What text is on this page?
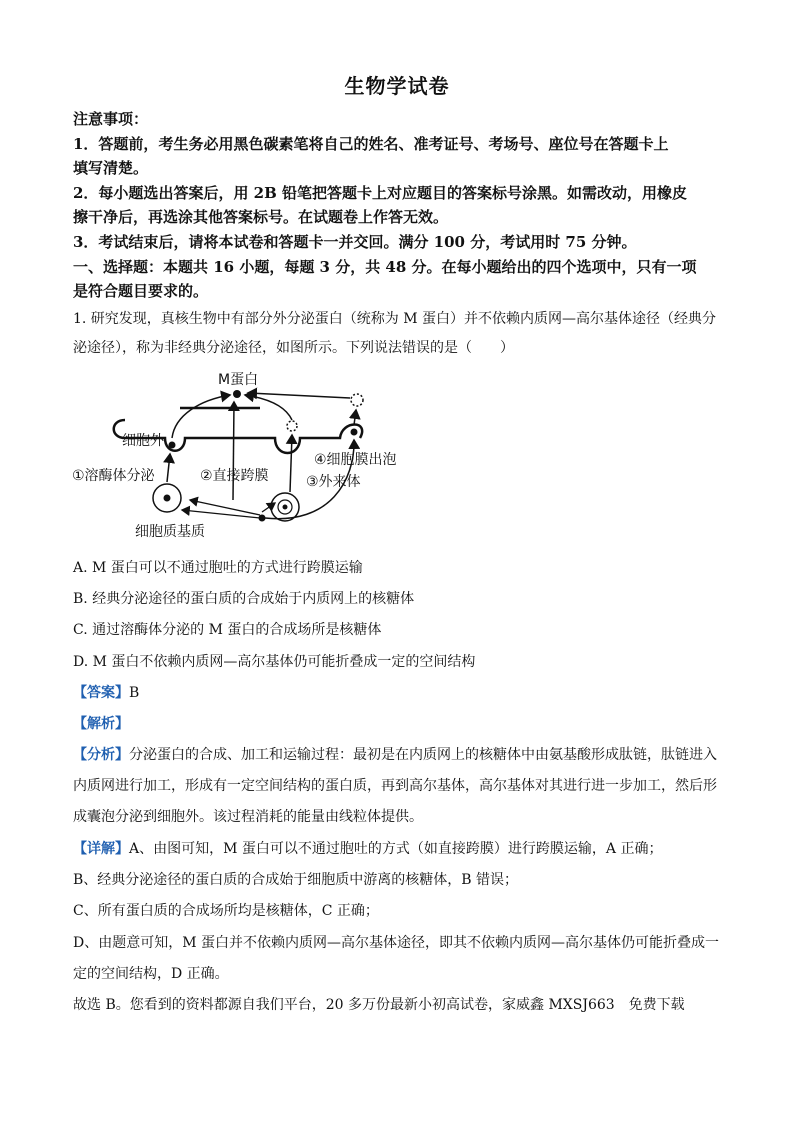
生物学试卷
注意事项：
1．答题前，考生务必用黑色碳素笔将自己的姓名、准考证号、考场号、座位号在答题卡上
填写清楚。
2．每小题选出答案后，用 2B 铅笔把答题卡上对应题目的答案标号涂黑。如需改动，用橡皮
擦干净后，再选涂其他答案标号。在试题卷上作答无效。
3．考试结束后，请将本试卷和答题卡一并交回。满分 100 分，考试用时 75 分钟。
一、选择题：本题共 16 小题，每题 3 分，共 48 分。在每小题给出的四个选项中，只有一项
是符合题目要求的。
1. 研究发现，真核生物中有部分外分泌蛋白（统称为 M 蛋白）并不依赖内质网—高尔基体途径（经典分
泌途径），称为非经典分泌途径，如图所示。下列说法错误的是（　　）
M蛋白
细胞外
①溶酶体分泌	②直接跨膜
④细胞膜出泡
③外来体
细胞质基质
A. M 蛋白可以不通过胞吐的方式进行跨膜运输
B. 经典分泌途径的蛋白质的合成始于内质网上的核糖体
C. 通过溶酶体分泌的 M 蛋白的合成场所是核糖体
D. M 蛋白不依赖内质网—高尔基体仍可能折叠成一定的空间结构
【答案】B
【解析】
【分析】分泌蛋白的合成、加工和运输过程：最初是在内质网上的核糖体中由氨基酸形成肽链，肽链进入
内质网进行加工，形成有一定空间结构的蛋白质，再到高尔基体，高尔基体对其进行进一步加工，然后形
成囊泡分泌到细胞外。该过程消耗的能量由线粒体提供。
【详解】A、由图可知，M 蛋白可以不通过胞吐的方式（如直接跨膜）进行跨膜运输，A 正确；
B、经典分泌途径的蛋白质的合成始于细胞质中游离的核糖体，B 错误；
C、所有蛋白质的合成场所均是核糖体，C 正确；
D、由题意可知，M 蛋白并不依赖内质网—高尔基体途径，即其不依赖内质网—高尔基体仍可能折叠成一
定的空间结构，D 正确。
故选 B。您看到的资料都源自我们平台，20 多万份最新小初高试卷，家威鑫 MXSJ663　免费下载
